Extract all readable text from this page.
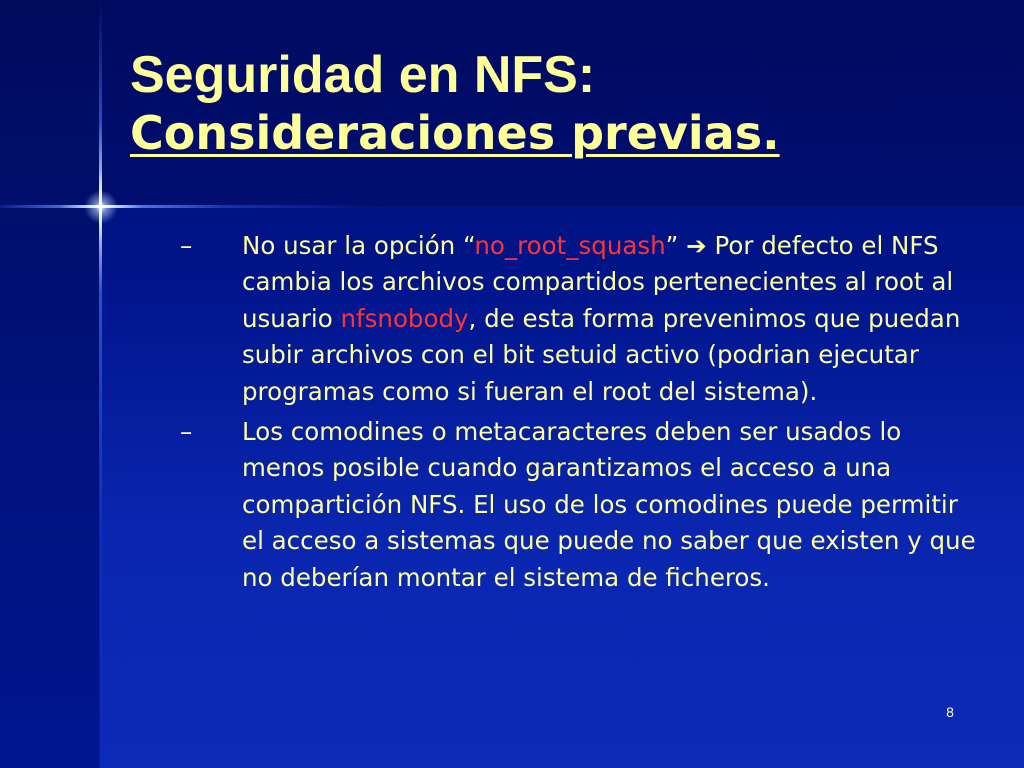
Seguridad en NFS:
Consideraciones previas.
–	No usar la opción “no_root_squash” ➔ Por defecto el NFS cambia los archivos compartidos pertenecientes al root al usuario nfsnobody, de esta forma prevenimos que puedan subir archivos con el bit setuid activo (podrian ejecutar programas como si fueran el root del sistema).
–	Los comodines o metacaracteres deben ser usados lo menos posible cuando garantizamos el acceso a una compartición NFS. El uso de los comodines puede permitir el acceso a sistemas que puede no saber que existen y que no deberían montar el sistema de ficheros.
8
